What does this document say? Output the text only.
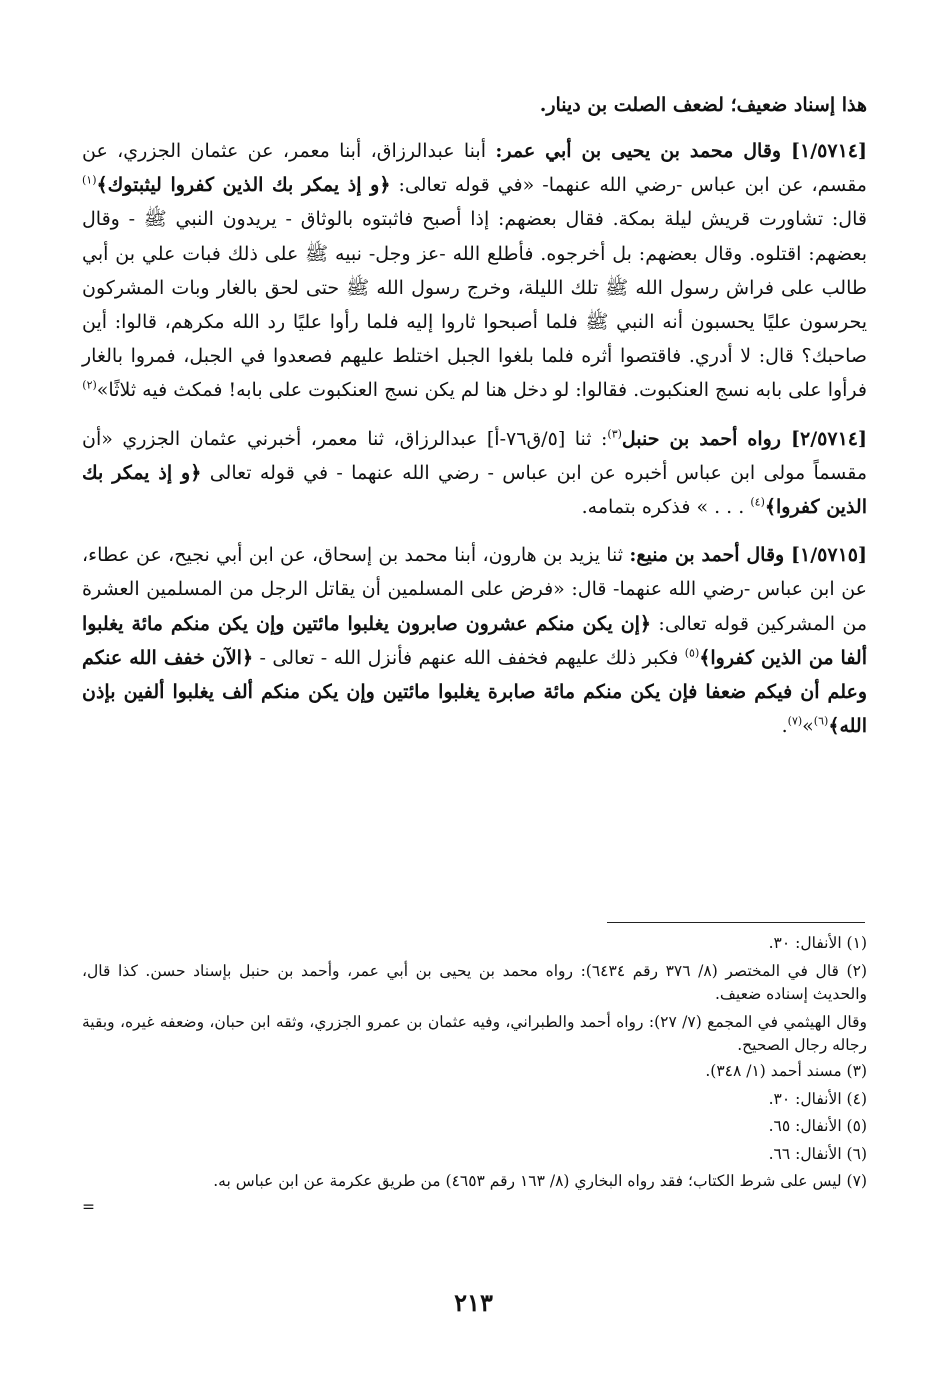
هذا إسناد ضعيف؛ لضعف الصلت بن دينار.

[١/٥٧١٤] وقال محمد بن يحيى بن أبي عمر: أبنا عبدالرزاق، أبنا معمر، عن عثمان الجزري، عن مقسم، عن ابن عباس -رضي الله عنهما- «في قوله تعالى: ﴿و إذ يمكر بك الذين كفروا ليثبتوك﴾$^{(١)}$ قال: تشاورت قريش ليلة بمكة. فقال بعضهم: إذا أصبح فاثبتوه بالوثاق - يريدون النبي ﷺ - وقال بعضهم: اقتلوه. وقال بعضهم: بل أخرجوه. فأطلع الله -عز وجل- نبيه ﷺ على ذلك فبات علي بن أبي طالب على فراش رسول الله ﷺ تلك الليلة، وخرج رسول الله ﷺ حتى لحق بالغار وبات المشركون يحرسون عليًا يحسبون أنه النبي ﷺ فلما أصبحوا ثاروا إليه فلما رأوا عليًا رد الله مكرهم، قالوا: أين صاحبك؟ قال: لا أدري. فاقتصوا أثره فلما بلغوا الجبل اختلط عليهم فصعدوا في الجبل، فمروا بالغار فرأوا على بابه نسج العنكبوت. فقالوا: لو دخل هنا لم يكن نسج العنكبوت على بابه! فمكث فيه ثلاثًا»$^{(٢)}$

[٢/٥٧١٤] رواه أحمد بن حنبل$^{(٣)}$: ثنا [٥/ق٧٦-أ] عبدالرزاق، ثنا معمر، أخبرني عثمان الجزري «أن مقسماً مولى ابن عباس أخبره عن ابن عباس - رضي الله عنهما - في قوله تعالى ﴿و إذ يمكر بك الذين كفروا﴾$^{(٤)}$ . . . » فذكره بتمامه.

[١/٥٧١٥] وقال أحمد بن منيع: ثنا يزيد بن هارون، أبنا محمد بن إسحاق، عن ابن أبي نجيح، عن عطاء، عن ابن عباس -رضي الله عنهما- قال: «فرض على المسلمين أن يقاتل الرجل من المسلمين العشرة من المشركين قوله تعالى: ﴿إن يكن منكم عشرون صابرون يغلبوا مائتين وإن يكن منكم مائة يغلبوا ألفا من الذين كفروا﴾$^{(٥)}$ فكبر ذلك عليهم فخفف الله عنهم فأنزل الله - تعالى - ﴿الآن خفف الله عنكم وعلم أن فيكم ضعفا فإن يكن منكم مائة صابرة يغلبوا مائتين وإن يكن منكم ألف يغلبوا ألفين بإذن الله﴾$^{(٦)}$»$^{(٧)}$.

(١) الأنفال: ٣٠.
(٢) قال في المختصر (٨/ ٣٧٦ رقم ٦٤٣٤): رواه محمد بن يحيى بن أبي عمر، وأحمد بن حنبل بإسناد حسن. كذا قال، والحديث إسناده ضعيف.
وقال الهيثمي في المجمع (٧/ ٢٧): رواه أحمد والطبراني، وفيه عثمان بن عمرو الجزري، وثقه ابن حبان، وضعفه غيره، وبقية رجاله رجال الصحيح.
(٣) مسند أحمد (١/ ٣٤٨).
(٤) الأنفال: ٣٠.
(٥) الأنفال: ٦٥.
(٦) الأنفال: ٦٦.
(٧) ليس على شرط الكتاب؛ فقد رواه البخاري (٨/ ١٦٣ رقم ٤٦٥٣) من طريق عكرمة عن ابن عباس به.
=
٢١٣
